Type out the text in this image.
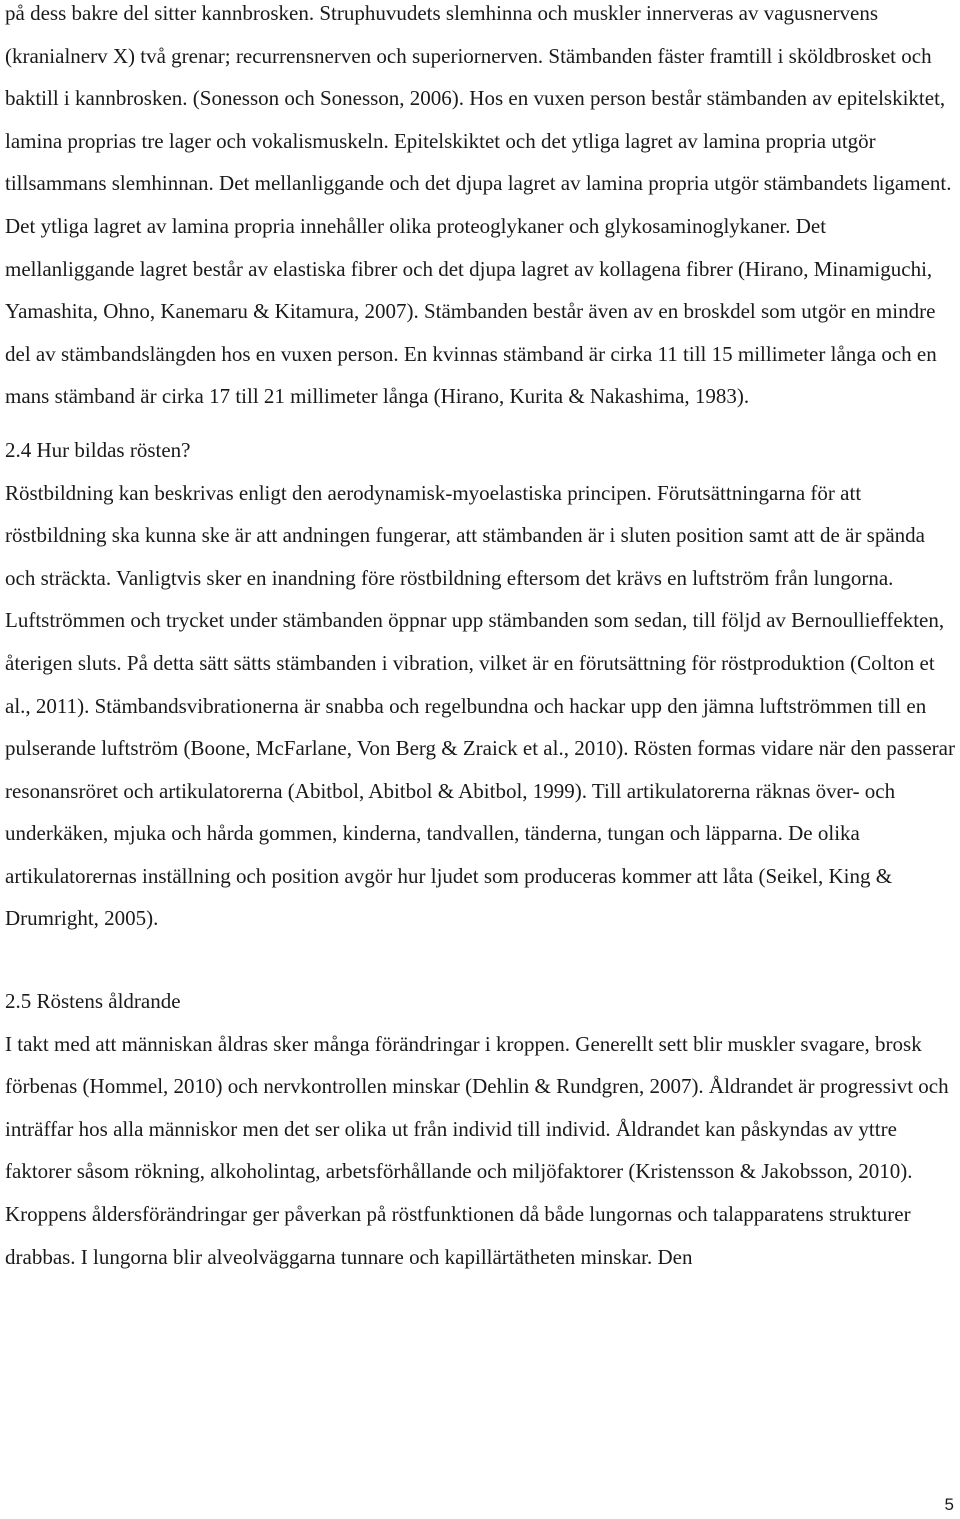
på dess bakre del sitter kannbrosken. Struphuvudets slemhinna och muskler innerveras av vagusnervens (kranialnerv X) två grenar; recurrensnerven och superiornerven. Stämbanden fäster framtill i sköldbrosket och baktill i kannbrosken. (Sonesson och Sonesson, 2006). Hos en vuxen person består stämbanden av epitelskiktet, lamina proprias tre lager och vokalismuskeln. Epitelskiktet och det ytliga lagret av lamina propria utgör tillsammans slemhinnan. Det mellanliggande och det djupa lagret av lamina propria utgör stämbandets ligament. Det ytliga lagret av lamina propria innehåller olika proteoglykaner och glykosaminoglykaner. Det mellanliggande lagret består av elastiska fibrer och det djupa lagret av kollagena fibrer (Hirano, Minamiguchi, Yamashita, Ohno, Kanemaru & Kitamura, 2007). Stämbanden består även av en broskdel som utgör en mindre del av stämbandslängden hos en vuxen person. En kvinnas stämband är cirka 11 till 15 millimeter långa och en mans stämband är cirka 17 till 21 millimeter långa (Hirano, Kurita & Nakashima, 1983).

2.4 Hur bildas rösten?

Röstbildning kan beskrivas enligt den aerodynamisk-myoelastiska principen. Förutsättningarna för att röstbildning ska kunna ske är att andningen fungerar, att stämbanden är i sluten position samt att de är spända och sträckta. Vanligtvis sker en inandning före röstbildning eftersom det krävs en luftström från lungorna. Luftströmmen och trycket under stämbanden öppnar upp stämbanden som sedan, till följd av Bernoullieffekten, återigen sluts. På detta sätt sätts stämbanden i vibration, vilket är en förutsättning för röstproduktion (Colton et al., 2011). Stämbandsvibrationerna är snabba och regelbundna och hackar upp den jämna luftströmmen till en pulserande luftström (Boone, McFarlane, Von Berg & Zraick et al., 2010). Rösten formas vidare när den passerar resonansröret och artikulatorerna (Abitbol, Abitbol & Abitbol, 1999). Till artikulatorerna räknas över- och underkäken, mjuka och hårda gommen, kinderna, tandvallen, tänderna, tungan och läpparna. De olika artikulatorernas inställning och position avgör hur ljudet som produceras kommer att låta (Seikel, King & Drumright, 2005).

2.5 Röstens åldrande

I takt med att människan åldras sker många förändringar i kroppen. Generellt sett blir muskler svagare, brosk förbenas (Hommel, 2010) och nervkontrollen minskar (Dehlin & Rundgren, 2007). Åldrandet är progressivt och inträffar hos alla människor men det ser olika ut från individ till individ. Åldrandet kan påskyndas av yttre faktorer såsom rökning, alkoholintag, arbetsförhållande och miljöfaktorer (Kristensson & Jakobsson, 2010). Kroppens åldersförändringar ger påverkan på röstfunktionen då både lungornas och talapparatens strukturer drabbas. I lungorna blir alveolväggarna tunnare och kapillärtätheten minskar. Den

5
